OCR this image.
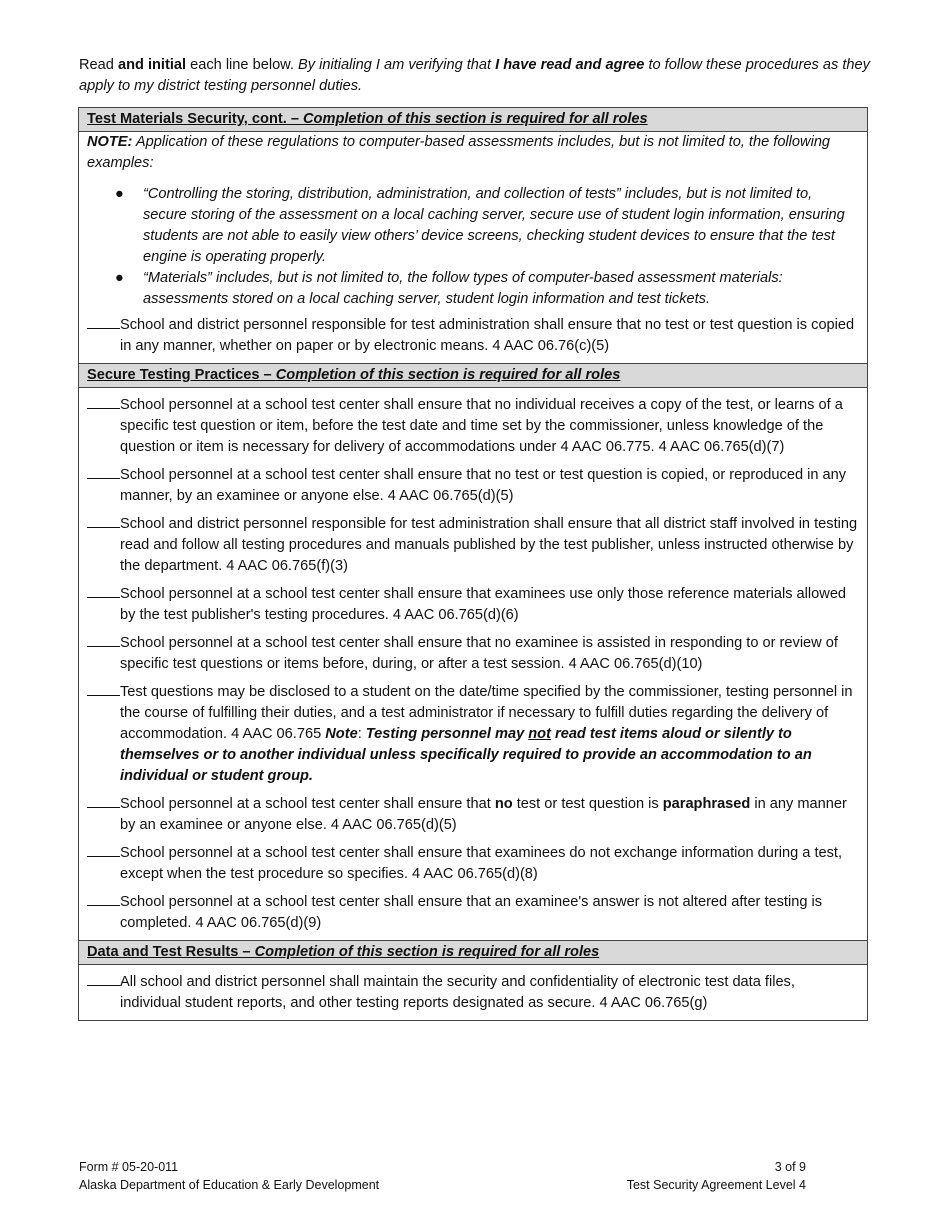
Read and initial each line below. By initialing I am verifying that I have read and agree to follow these procedures as they apply to my district testing personnel duties.
Test Materials Security, cont. – Completion of this section is required for all roles

NOTE: Application of these regulations to computer-based assessments includes, but is not limited to, the following examples:

● “Controlling the storing, distribution, administration, and collection of tests” includes, but is not limited to, secure storing of the assessment on a local caching server, secure use of student login information, ensuring students are not able to easily view others’ device screens, checking student devices to ensure that the test engine is operating properly.
● “Materials” includes, but is not limited to, the follow types of computer-based assessment materials: assessments stored on a local caching server, student login information and test tickets.
School and district personnel responsible for test administration shall ensure that no test or test question is copied in any manner, whether on paper or by electronic means. 4 AAC 06.76(c)(5)
Secure Testing Practices – Completion of this section is required for all roles
School personnel at a school test center shall ensure that no individual receives a copy of the test, or learns of a specific test question or item, before the test date and time set by the commissioner, unless knowledge of the question or item is necessary for delivery of accommodations under 4 AAC 06.775. 4 AAC 06.765(d)(7)
School personnel at a school test center shall ensure that no test or test question is copied, or reproduced in any manner, by an examinee or anyone else. 4 AAC 06.765(d)(5)
School and district personnel responsible for test administration shall ensure that all district staff involved in testing read and follow all testing procedures and manuals published by the test publisher, unless instructed otherwise by the department. 4 AAC 06.765(f)(3)
School personnel at a school test center shall ensure that examinees use only those reference materials allowed by the test publisher's testing procedures. 4 AAC 06.765(d)(6)
School personnel at a school test center shall ensure that no examinee is assisted in responding to or review of specific test questions or items before, during, or after a test session. 4 AAC 06.765(d)(10)
Test questions may be disclosed to a student on the date/time specified by the commissioner, testing personnel in the course of fulfilling their duties, and a test administrator if necessary to fulfill duties regarding the delivery of accommodation. 4 AAC 06.765 Note: Testing personnel may not read test items aloud or silently to themselves or to another individual unless specifically required to provide an accommodation to an individual or student group.
School personnel at a school test center shall ensure that no test or test question is paraphrased in any manner by an examinee or anyone else. 4 AAC 06.765(d)(5)
School personnel at a school test center shall ensure that examinees do not exchange information during a test, except when the test procedure so specifies. 4 AAC 06.765(d)(8)
School personnel at a school test center shall ensure that an examinee's answer is not altered after testing is completed. 4 AAC 06.765(d)(9)
Data and Test Results – Completion of this section is required for all roles
All school and district personnel shall maintain the security and confidentiality of electronic test data files, individual student reports, and other testing reports designated as secure. 4 AAC 06.765(g)
Form # 05-20-011
Alaska Department of Education & Early Development
3 of 9
Test Security Agreement Level 4
